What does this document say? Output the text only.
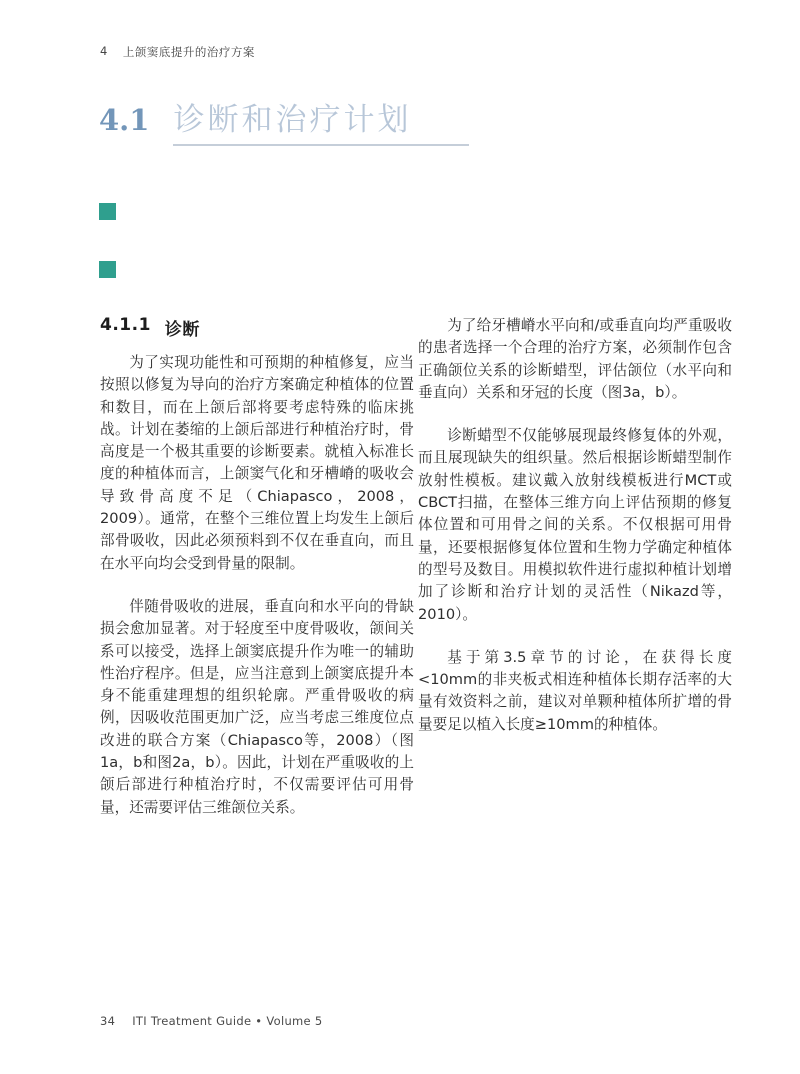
4 上颌窦底提升的治疗方案
4.1 诊断和治疗计划
4.1.1 诊断

为了实现功能性和可预期的种植修复，应当按照以修复为导向的治疗方案确定种植体的位置和数目，而在上颌后部将要考虑特殊的临床挑战。计划在萎缩的上颌后部进行种植治疗时，骨高度是一个极其重要的诊断要素。就植入标准长度的种植体而言，上颌窦气化和牙槽嵴的吸收会导致骨高度不足（Chiapasco，2008，2009）。通常，在整个三维位置上均发生上颌后部骨吸收，因此必须预料到不仅在垂直向，而且在水平向均会受到骨量的限制。

伴随骨吸收的进展，垂直向和水平向的骨缺损会愈加显著。对于轻度至中度骨吸收，颌间关系可以接受，选择上颌窦底提升作为唯一的辅助性治疗程序。但是，应当注意到上颌窦底提升本身不能重建理想的组织轮廓。严重骨吸收的病例，因吸收范围更加广泛，应当考虑三维度位点改进的联合方案（Chiapasco等，2008）（图1a，b和图2a，b）。因此，计划在严重吸收的上颌后部进行种植治疗时，不仅需要评估可用骨量，还需要评估三维颌位关系。

为了给牙槽嵴水平向和/或垂直向均严重吸收的患者选择一个合理的治疗方案，必须制作包含正确颌位关系的诊断蜡型，评估颌位（水平向和垂直向）关系和牙冠的长度（图3a，b）。

诊断蜡型不仅能够展现最终修复体的外观，而且展现缺失的组织量。然后根据诊断蜡型制作放射性模板。建议戴入放射线模板进行MCT或CBCT扫描，在整体三维方向上评估预期的修复体位置和可用骨之间的关系。不仅根据可用骨量，还要根据修复体位置和生物力学确定种植体的型号及数目。用模拟软件进行虚拟种植计划增加了诊断和治疗计划的灵活性（Nikazd等，2010）。

基于第3.5章节的讨论，在获得长度<10mm的非夹板式相连种植体长期存活率的大量有效资料之前，建议对单颗种植体所扩增的骨量要足以植入长度≥10mm的种植体。

34 ITI Treatment Guide • Volume 5
